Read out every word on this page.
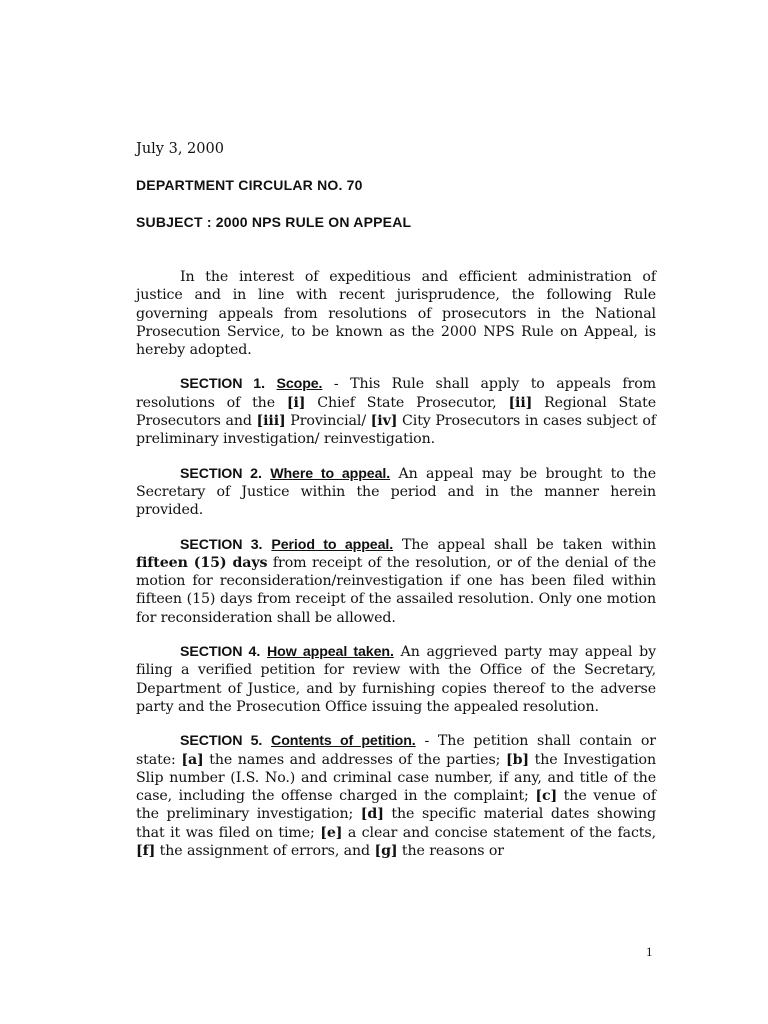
July 3, 2000
DEPARTMENT CIRCULAR NO. 70
SUBJECT : 2000 NPS RULE ON APPEAL

In the interest of expeditious and efficient administration of justice and in line with recent jurisprudence, the following Rule governing appeals from resolutions of prosecutors in the National Prosecution Service, to be known as the 2000 NPS Rule on Appeal, is hereby adopted.

SECTION 1. Scope. - This Rule shall apply to appeals from resolutions of the [i] Chief State Prosecutor, [ii] Regional State Prosecutors and [iii] Provincial/ [iv] City Prosecutors in cases subject of preliminary investigation/ reinvestigation.

SECTION 2. Where to appeal. An appeal may be brought to the Secretary of Justice within the period and in the manner herein provided.

SECTION 3. Period to appeal. The appeal shall be taken within fifteen (15) days from receipt of the resolution, or of the denial of the motion for reconsideration/reinvestigation if one has been filed within fifteen (15) days from receipt of the assailed resolution. Only one motion for reconsideration shall be allowed.

SECTION 4. How appeal taken. An aggrieved party may appeal by filing a verified petition for review with the Office of the Secretary, Department of Justice, and by furnishing copies thereof to the adverse party and the Prosecution Office issuing the appealed resolution.

SECTION 5. Contents of petition. - The petition shall contain or state: [a] the names and addresses of the parties; [b] the Investigation Slip number (I.S. No.) and criminal case number, if any, and title of the case, including the offense charged in the complaint; [c] the venue of the preliminary investigation; [d] the specific material dates showing that it was filed on time; [e] a clear and concise statement of the facts, [f] the assignment of errors, and [g] the reasons or

1
